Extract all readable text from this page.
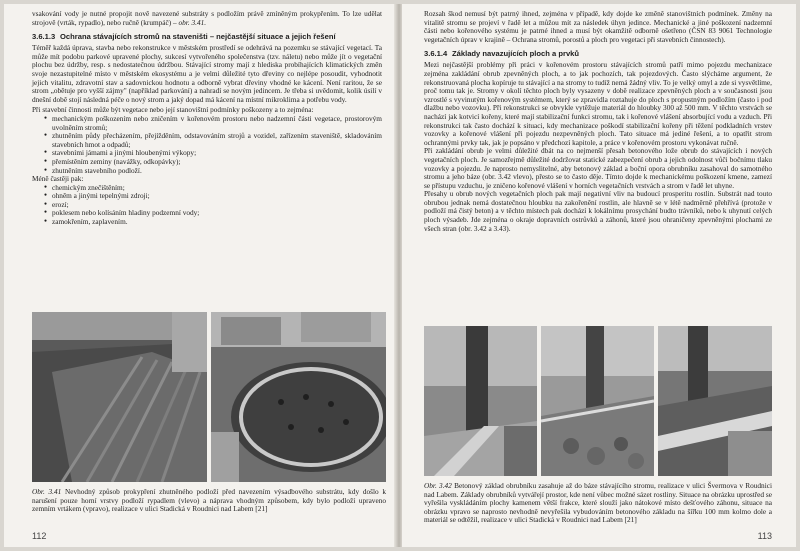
vsakování vody je nutné propojit nově navezené substráty s podložím právě zmíněným prokypřením. To lze udělat strojově (vrták, rypadlo), nebo ručně (krumpáč) – obr. 3.41.

3.6.1.3 Ochrana stávajících stromů na staveništi – nejčastější situace a jejich řešení

Téměř každá úprava, stavba nebo rekonstrukce v městském prostředí se odehrává na pozemku se stávající vegetací. Ta může mít podobu parkové upravené plochy, sukcesí vytvořeného společenstva (tzv. náletu) nebo může jít o vegetační plochu bez údržby, resp. s nedostatečnou údržbou. Stávající stromy mají z hlediska probíhajících klimatických změn svoje nezastupitelné místo v městském ekosystému a je velmi důležité tyto dřeviny co nejlépe posoudit, vyhodnotit jejich vitalitu, zdravotní stav a sadovnickou hodnotu a odborně vybrat dřeviny vhodné ke kácení. Není raritou, že se strom „obětuje pro vyšší zájmy" (například parkování) a nahradí se novým jedincem. Je třeba si uvědomit, kolik úsilí v dnešní době stojí následná péče o nový strom a jaký dopad má kácení na místní mikroklima a potřebu vody.

Při stavební činnosti může být vegetace nebo její stanovištní podmínky poškozeny a to zejména:

● mechanickým poškozením nebo zničením v kořenovém prostoru nebo nadzemní části vegetace, prostorovým uvolněním stromů;
● zhutněním půdy přecházením, přejížděním, odstavováním strojů a vozidel, zařízením staveniště, skladováním stavebních hmot a odpadů;
● stavebními jámami a jinými hloubenými výkopy;
● přemístěním zeminy (navážky, odkopávky);
● zhutněním stavebního podloží.

Méně častěji pak:

● chemickým znečištěním;
● ohněm a jinými tepelnými zdroji;
● erozí;
● poklesem nebo kolísáním hladiny podzemní vody;
● zamokřením, zaplavením.

Obr. 3.41 Nevhodný způsob prokypření zhutněného podloží před navezením výsadbového substrátu, kdy došlo k narušení pouze horní vrstvy podloží rypadlem (vlevo) a náprava vhodným způsobem, kdy bylo podloží upraveno zemním vrtákem (vpravo), realizace v ulici Stadická v Roudnici nad Labem [21]

112

Rozsah škod nemusí být patrný ihned, zejména v případě, kdy dojde ke změně stanovištních podmínek. Změny na vitalitě stromu se projeví v řadě let a můžou mít za následek úhyn jedince. Mechanické a jiné poškození nadzemní části nebo kořenového systému je patrné ihned a musí být okamžitě odborně ošetřeno (ČSN 83 9061 Technologie vegetačních úprav v krajině – Ochrana stromů, porostů a ploch pro vegetaci při stavebních činnostech).

3.6.1.4 Základy navazujících ploch a prvků

Mezi nejčastější problémy při práci v kořenovém prostoru stávajících stromů patří mimo pojezdu mechanizace zejména zakládání obrub zpevněných ploch, a to jak pochozích, tak pojezdových. Často slýcháme argument, že rekonstruovaná plocha kopíruje tu stávající a na stromy to tudíž nemá žádný vliv. To je velký omyl a zde si vysvětlíme, proč tomu tak je. Stromy v okolí těchto ploch byly vysazeny v době realizace zpevněných ploch a v současnosti jsou vzrostlé s vyvinutým kořenovým systémem, který se zpravidla roztahuje do ploch s propustným podložím (často i pod dlažbu nebo vozovku). Při rekonstrukci se obvykle vytěžuje materiál do hloubky 300 až 500 mm. V těchto vrstvách se nachází jak kotvicí kořeny, které mají stabilizační funkci stromu, tak i kořenové vlášení absorbující vodu a vzduch. Při rekonstrukci tak často dochází k situaci, kdy mechanizace poškodí stabilizační kořeny při těžení podkladních vrstev vozovky a kořenové vlášení při pojezdu nezpevněných ploch. Tato situace má jediné řešení, a to opatřit strom ochrannými prvky tak, jak je popsáno v předchozí kapitole, a práce v kořenovém prostoru vykonávat ručně.

Při zakládání obrub je velmi důležité dbát na co nejmenší přesah betonového lože obrub do stávajících i nových vegetačních ploch. Je samozřejmě důležité dodržovat statické zabezpečení obrub a jejich odolnost vůči bočnímu tlaku vozovky a pojezdu. Je naprosto nemyslitelné, aby betonový základ a boční opora obrubníku zasahoval do samotného stromu a jeho báze (obr. 3.42 vlevo), přesto se to často děje. Tímto dojde k mechanickému poškození kmene, zamezí se přístupu vzduchu, je zničeno kořenové vlášení v horních vegetačních vrstvách a strom v řadě let uhyne.

Přesahy u obrub nových vegetačních ploch pak mají negativní vliv na budoucí prosperitu rostlin. Substrát nad touto obrubou jednak nemá dostatečnou hloubku na zakořenění rostlin, ale hlavně se v létě nadměrně přehřívá (protože v podloží má čistý beton) a v těchto místech pak dochází k lokálnímu prosychání budto trávníků, nebo k uhynutí celých ploch výsadeb. Jde zejména o okraje dopravních ostrůvků a záhonů, které jsou ohraničeny zpevněnými plochami ze všech stran (obr. 3.42 a 3.43).

Obr. 3.42 Betonový základ obrubníku zasahuje až do báze stávajícího stromu, realizace v ulici Švermova v Roudnici nad Labem. Základy obrubníků vytvářejí prostor, kde není vůbec možné sázet rostliny. Situace na obrázku uprostřed se vyřešila vyskládáním plochy kamenem větší frakce, které slouží jako nátokové místo dešťového záhonu, situace na obrázku vpravo se naprosto nevhodně nevyřešila vybudováním betonového základu na šířku 100 mm kolmo dole a materiál se odtěžil, realizace v ulici Stadická v Roudnici nad Labem [21]

113
